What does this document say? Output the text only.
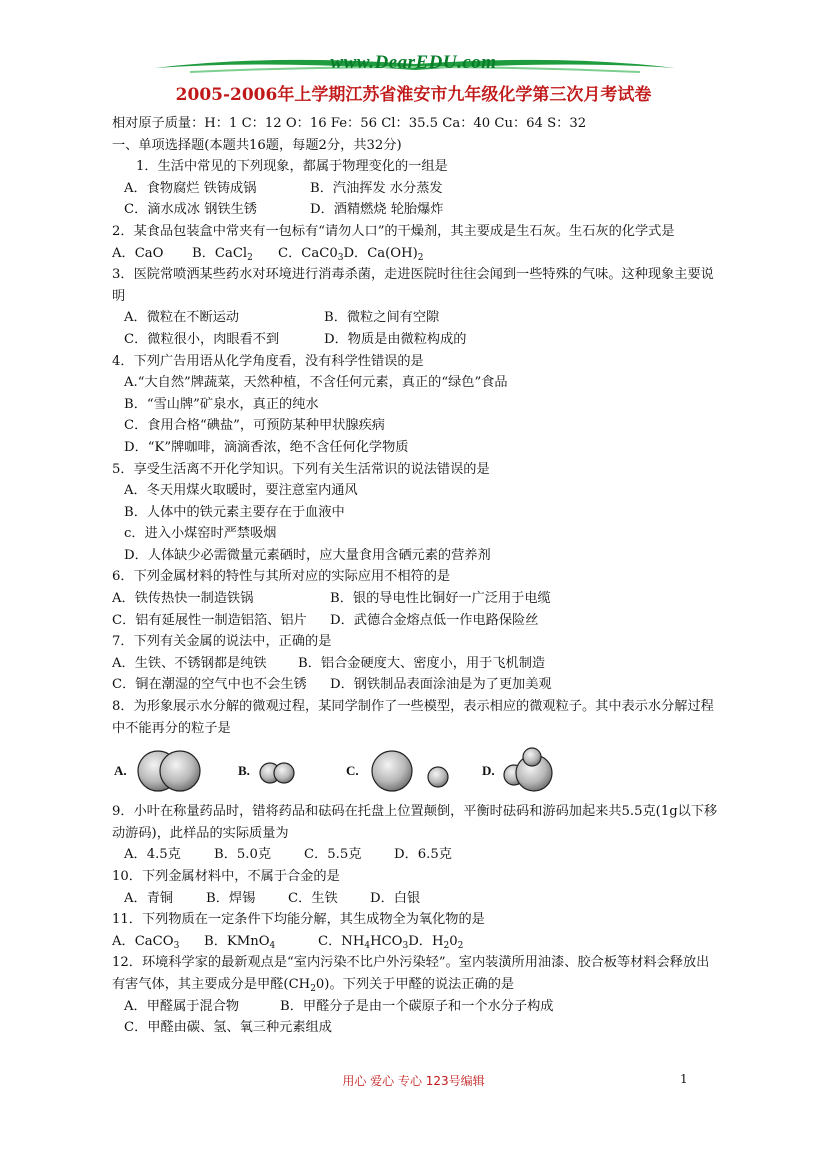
www.DearEDU.com
2005-2006年上学期江苏省淮安市九年级化学第三次月考试卷
相对原子质量：H：1 C：12 O：16 Fe：56 Cl：35.5 Ca：40 Cu：64 S：32
一、单项选择题(本题共16题，每题2分，共32分)
1．生活中常见的下列现象，都属于物理变化的一组是
A．食物腐烂 铁铸成锅	B．汽油挥发 水分蒸发
C．滴水成冰 钢铁生锈	D．酒精燃烧 轮胎爆炸
2．某食品包装盒中常夹有一包标有“请勿人口”的干燥剂，其主要成是生石灰。生石灰的化学式是
A．CaO	B．CaCl$_2$	C．$CaC0_3$ D．$Ca(OH)_2$
3．医院常喷洒某些药水对环境进行消毒杀菌，走进医院时往往会闻到一些特殊的气味。这种现象主要说明
A．微粒在不断运动	B．微粒之间有空隙
C．微粒很小，肉眼看不到	D．物质是由微粒构成的
4．下列广告用语从化学角度看，没有科学性错误的是
A.“大自然”牌蔬菜，天然种植，不含任何元素，真正的“绿色”食品
B．“雪山牌”矿泉水，真正的纯水
C．食用合格“碘盐”，可预防某种甲状腺疾病
D．“K”牌咖啡，滴滴香浓，绝不含任何化学物质
5．享受生活离不开化学知识。下列有关生活常识的说法错误的是
A．冬天用煤火取暖时，要注意室内通风
B．人体中的铁元素主要存在于血液中
c．进入小煤窑时严禁吸烟
D．人体缺少必需微量元素硒时，应大量食用含硒元素的营养剂
6．下列金属材料的特性与其所对应的实际应用不相符的是
A．铁传热快一制造铁锅	B．银的导电性比铜好一广泛用于电缆
C．铝有延展性一制造铝箔、铝片	D．武德合金熔点低一作电路保险丝
7．下列有关金属的说法中，正确的是
A．生铁、不锈钢都是纯铁	B．铝合金硬度大、密度小，用于飞机制造
C．铜在潮湿的空气中也不会生锈	D．钢铁制品表面涂油是为了更加美观
8．为形象展示水分解的微观过程，某同学制作了一些模型，表示相应的微观粒子。其中表示水分解过程中不能再分的粒子是
A.	B.	C.	D.
9．小叶在称量药品时，错将药品和砝码在托盘上位置颠倒，平衡时砝码和游码加起来共5.5克(1g以下移动游码)，此样品的实际质量为
A．4.5克	B．5.0克	C．5.5克	D．6.5克
10．下列金属材料中，不属于合金的是
A．青铜	B．焊锡	C．生铁	D．白银
11．下列物质在一定条件下均能分解，其生成物全为氧化物的是
A．CaCO$_3$	B．KMnO$_4$	C．$NH_4HCO_3$ D．$H_20_2$
12．环境科学家的最新观点是“室内污染不比户外污染轻”。室内装潢所用油漆、胶合板等材料会释放出有害气体，其主要成分是甲醛$(CH_20)$。下列关于甲醛的说法正确的是
A．甲醛属于混合物	B．甲醛分子是由一个碳原子和一个水分子构成
C．甲醛由碳、氢、氧三种元素组成
用心 爱心 专心 123号编辑	1
